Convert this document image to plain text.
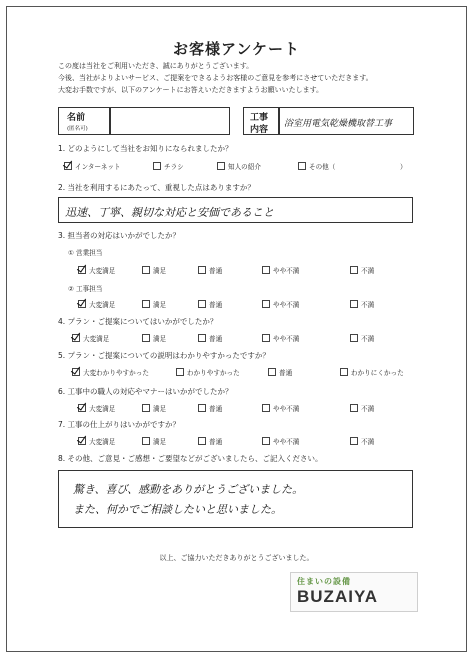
お客様アンケート
この度は当社をご利用いただき、誠にありがとうございます。
今後、当社がよりよいサービス、ご提案をできるようお客様のご意見を参考にさせていただきます。
大変お手数ですが、以下のアンケートにお答えいただきますようお願いいたします。
名前
(匿名可)
工事
内容
浴室用電気乾燥機取替工事
1. どのようにして当社をお知りになられましたか？
インターネット	チラシ	知人の紹介	その他（	）
2. 当社を利用するにあたって、重視した点はありますか？
迅速、丁寧、親切な対応と安価であること
3. 担当者の対応はいかがでしたか？
① 営業担当
大変満足	満足	普通	やや不満	不満
② 工事担当
大変満足	満足	普通	やや不満	不満
4. プラン・ご提案についてはいかがでしたか？
大変満足	満足	普通	やや不満	不満
5. プラン・ご提案についての説明はわかりやすかったですか？
大変わかりやすかった	わかりやすかった	普通	わかりにくかった
6. 工事中の職人の対応やマナーはいかがでしたか？
大変満足	満足	普通	やや不満	不満
7. 工事の仕上がりはいかがですか？
大変満足	満足	普通	やや不満	不満
8. その他、ご意見・ご感想・ご要望などがございましたら、ご記入ください。
驚き、喜び、感動をありがとうございました。
また、何かでご相談したいと思いました。
以上、ご協力いただきありがとうございました。
住まいの設備
BUZAIYA
